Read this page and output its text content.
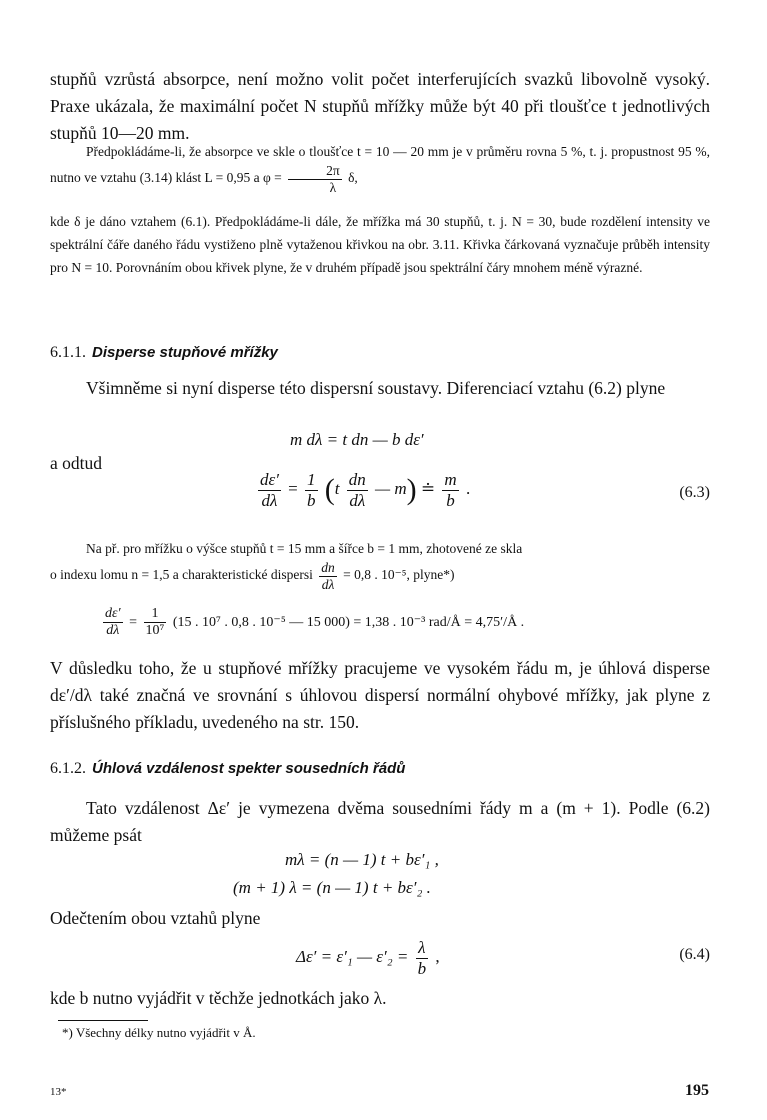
stupňů vzrůstá absorpce, není možno volit počet interferujících svazků libovolně vysoký. Praxe ukázala, že maximální počet N stupňů mřížky může být 40 při tloušťce t jednotlivých stupňů 10—20 mm.
Předpokládáme-li, že absorpce ve skle o tloušťce t = 10 — 20 mm je v průměru rovna 5 %, t. j. propustnost 95 %, nutno ve vztahu (3.14) klást L = 0,95 a $\varphi = \frac{2\pi}{\lambda} \delta$,
kde δ je dáno vztahem (6.1). Předpokládáme-li dále, že mřížka má 30 stupňů, t. j. N = 30, bude rozdělení intensity ve spektrální čáře daného řádu vystiženo plně vytaženou křivkou na obr. 3.11. Křivka čárkovaná vyznačuje průběh intensity pro N = 10. Porovnáním obou křivek plyne, že v druhém případě jsou spektrální čáry mnohem méně výrazné.
6.1.1. Disperse stupňové mřížky
Všimněme si nyní disperse této dispersní soustavy. Diferenciací vztahu (6.2) plyne
m dλ = t dn — b dε′
a odtud
$\frac{d\varepsilon'}{d\lambda} = \frac{1}{b} (t \frac{dn}{d\lambda}$ — m) ≐ $\frac{m}{b}$ .	(6.3)
Na př. pro mřížku o výšce stupňů t = 15 mm a šířce b = 1 mm, zhotovené ze skla
o indexu lomu n = 1,5 a charakteristické dispersi $\frac{dn}{d\lambda} = 0,8$ . 10⁻⁵, plyne*)
$\frac{d\varepsilon'}{d\lambda} = \frac{1}{\text{10⁷}} (15$ . 10⁷ . 0,8 . 10⁻⁵ — 15 000) = 1,38 . 10⁻³ rad/Å = 4,75′/Å .
V důsledku toho, že u stupňové mřížky pracujeme ve vysokém řádu m, je úhlová disperse dε′/dλ také značná ve srovnání s úhlovou dispersí normální ohybové mřížky, jak plyne z příslušného příkladu, uvedeného na str. 150.
6.1.2. Úhlová vzdálenost spekter sousedních řádů
Tato vzdálenost Δε′ je vymezena dvěma sousedními řády m a (m + 1). Podle (6.2) můžeme psát
mλ = (n — 1) t + bε′₁ ,
(m + 1) λ = (n — 1) t + bε′₂ .
Odečtením obou vztahů plyne
Δε′ = ε′₁ — $\varepsilon'_2 = \frac{\lambda}{b}$ ,	(6.4)
kde b nutno vyjádřit v těchže jednotkách jako λ.
*) Všechny délky nutno vyjádřit v Å.
13*	195
